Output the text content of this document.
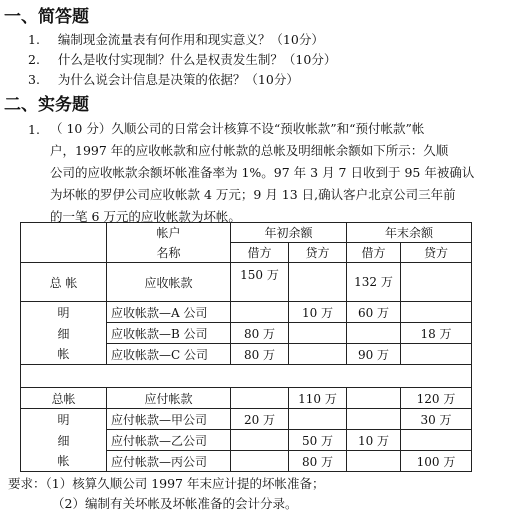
一、简答题
1. 编制现金流量表有何作用和现实意义？（10分）
2. 什么是收付实现制？什么是权责发生制？（10分）
3. 为什么说会计信息是决策的依据？（10分）
二、实务题
1. （ 10 分）久顺公司的日常会计核算不设“预收帐款”和“预付帐款”帐
户，1997 年的应收帐款和应付帐款的总帐及明细帐余额如下所示：久顺
公司的应收帐款余额坏帐准备率为 1%。97 年 3 月 7 日收到于 95 年被确认
为坏帐的罗伊公司应收帐款 4 万元；9 月 13 日,确认客户北京公司三年前
的一笔 6 万元的应收帐款为坏帐。
	帐户	年初余额		年末余额	
	名称	借方	贷方	借方	贷方
总 帐	应收帐款	150 万		132 万	
明	应收帐款—A 公司		10 万	60 万	
细	应收帐款—B 公司	80 万			18 万
帐	应收帐款—C 公司	80 万		90 万	

总帐	应付帐款		110 万		120 万
明	应付帐款—甲公司	20 万			30 万
细	应付帐款—乙公司		50 万	10 万	
帐	应付帐款—丙公司		80 万		100 万
要求：（1）核算久顺公司 1997 年末应计提的坏帐准备；
（2）编制有关坏帐及坏帐准备的会计分录。
